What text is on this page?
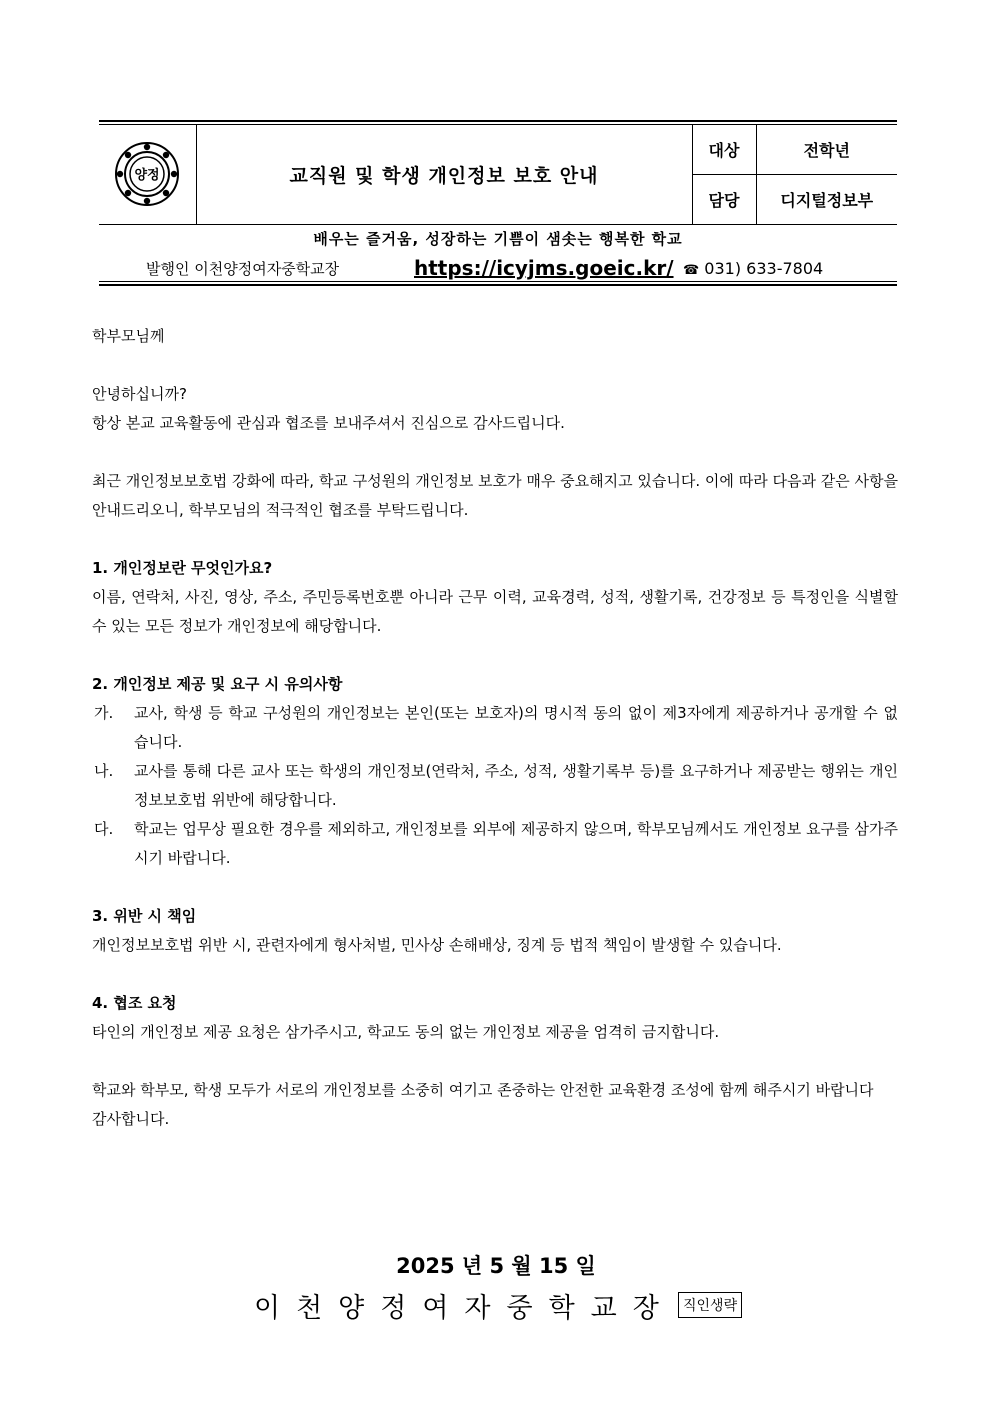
양정	교직원 및 학생 개인정보 보호 안내	대상	전학년
		담당	디지털정보부
배우는 즐거움, 성장하는 기쁨이 샘솟는 행복한 학교
발행인 이천양정여자중학교장	https://icyjms.goeic.kr/ ☎ 031) 633-7804

학부모님께

안녕하십니까?

항상 본교 교육활동에 관심과 협조를 보내주셔서 진심으로 감사드립니다.

최근 개인정보보호법 강화에 따라, 학교 구성원의 개인정보 보호가 매우 중요해지고 있습니다. 이에 따라 다음과 같은 사항을 안내드리오니, 학부모님의 적극적인 협조를 부탁드립니다.

1. 개인정보란 무엇인가요?

이름, 연락처, 사진, 영상, 주소, 주민등록번호뿐 아니라 근무 이력, 교육경력, 성적, 생활기록, 건강정보 등 특정인을 식별할 수 있는 모든 정보가 개인정보에 해당합니다.

2. 개인정보 제공 및 요구 시 유의사항

가.	교사, 학생 등 학교 구성원의 개인정보는 본인(또는 보호자)의 명시적 동의 없이 제3자에게 제공하거나 공개할 수 없습니다.
나.	교사를 통해 다른 교사 또는 학생의 개인정보(연락처, 주소, 성적, 생활기록부 등)를 요구하거나 제공받는 행위는 개인정보보호법 위반에 해당합니다.
다.	학교는 업무상 필요한 경우를 제외하고, 개인정보를 외부에 제공하지 않으며, 학부모님께서도 개인정보 요구를 삼가주시기 바랍니다.

3. 위반 시 책임

개인정보보호법 위반 시, 관련자에게 형사처벌, 민사상 손해배상, 징계 등 법적 책임이 발생할 수 있습니다.

4. 협조 요청

타인의 개인정보 제공 요청은 삼가주시고, 학교도 동의 없는 개인정보 제공을 엄격히 금지합니다.

학교와 학부모, 학생 모두가 서로의 개인정보를 소중히 여기고 존중하는 안전한 교육환경 조성에 함께 해주시기 바랍니다

감사합니다.

2025 년 5 월 15 일
이천양정여자중학교장 직인생략
